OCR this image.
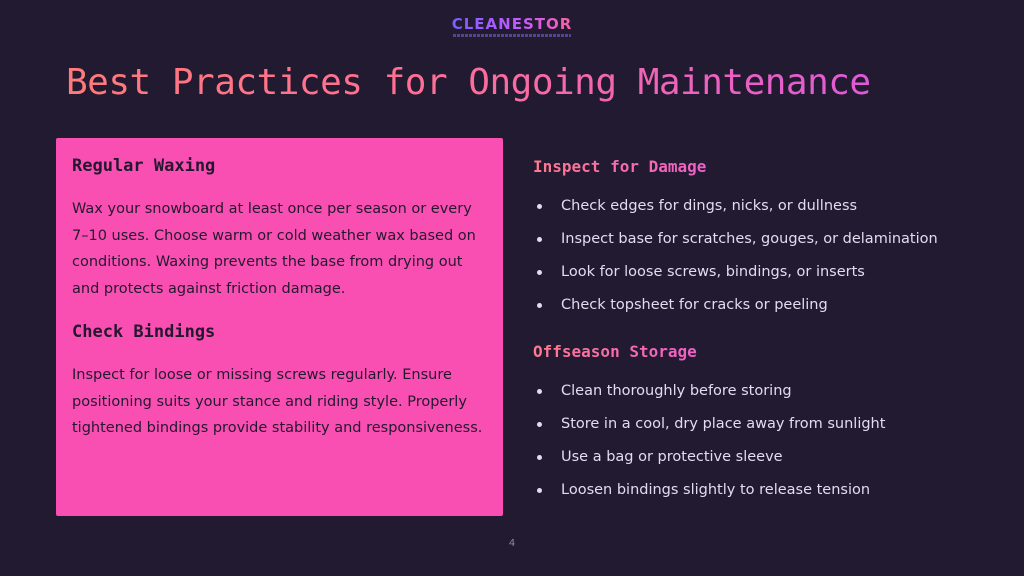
CLEANESTOR
Best Practices for Ongoing Maintenance
Regular Waxing

Wax your snowboard at least once per season or every 7–10 uses. Choose warm or cold weather wax based on conditions. Waxing prevents the base from drying out and protects against friction damage.

Check Bindings

Inspect for loose or missing screws regularly. Ensure positioning suits your stance and riding style. Properly tightened bindings provide stability and responsiveness.

Inspect for Damage
Check edges for dings, nicks, or dullness
Inspect base for scratches, gouges, or delamination
Look for loose screws, bindings, or inserts
Check topsheet for cracks or peeling
Offseason Storage
Clean thoroughly before storing
Store in a cool, dry place away from sunlight
Use a bag or protective sleeve
Loosen bindings slightly to release tension
4
